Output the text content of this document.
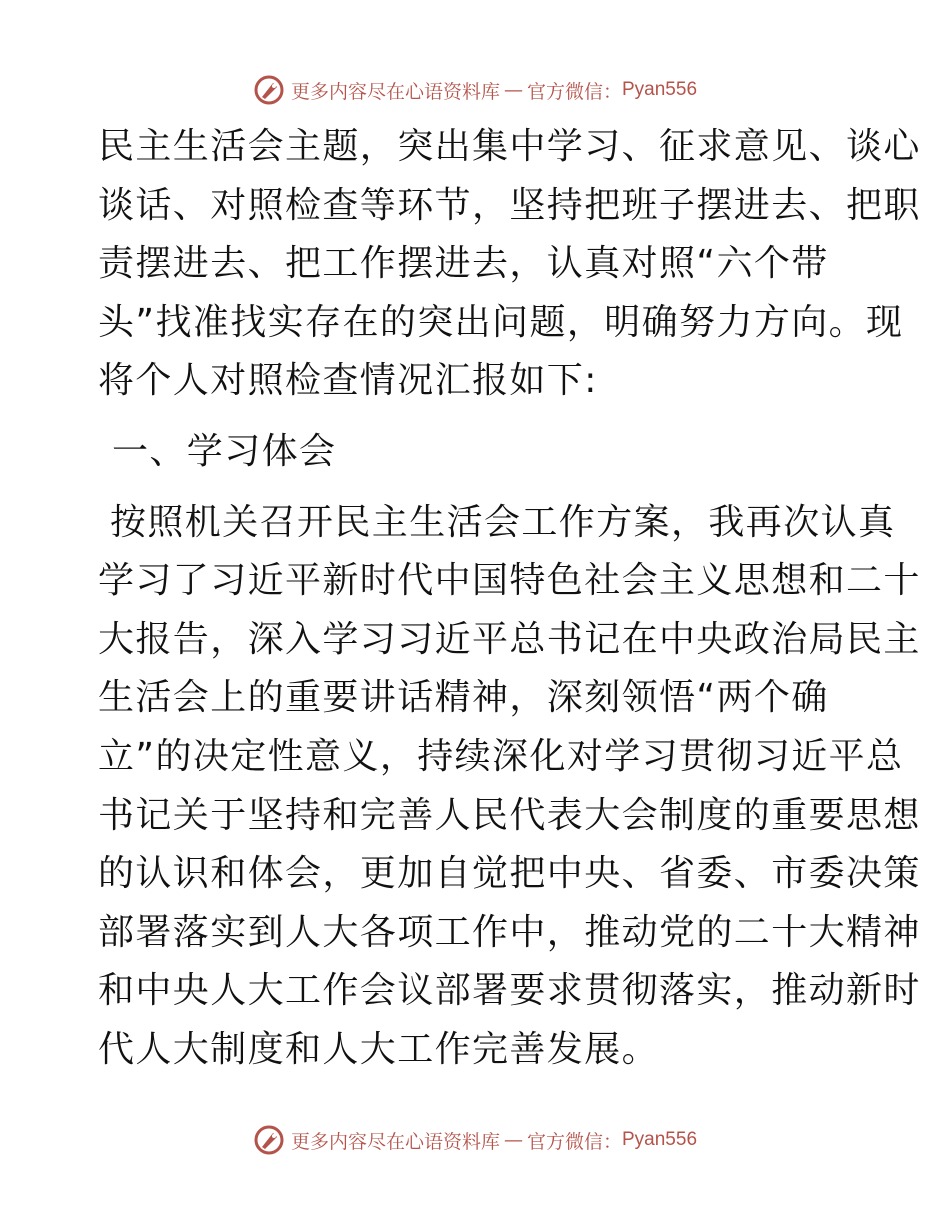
更多内容尽在心语资料库 — 官方微信： Pyan556

民主生活会主题，突出集中学习、征求意见、谈心
谈话、对照检查等环节，坚持把班子摆进去、把职
责摆进去、把工作摆进去，认真对照“六个带
头”找准找实存在的突出问题，明确努力方向。现
将个人对照检查情况汇报如下:

一、学习体会

按照机关召开民主生活会工作方案，我再次认真
学习了习近平新时代中国特色社会主义思想和二十
大报告，深入学习习近平总书记在中央政治局民主
生活会上的重要讲话精神，深刻领悟“两个确
立”的决定性意义，持续深化对学习贯彻习近平总
书记关于坚持和完善人民代表大会制度的重要思想
的认识和体会，更加自觉把中央、省委、市委决策
部署落实到人大各项工作中，推动党的二十大精神
和中央人大工作会议部署要求贯彻落实，推动新时
代人大制度和人大工作完善发展。

更多内容尽在心语资料库 — 官方微信： Pyan556
